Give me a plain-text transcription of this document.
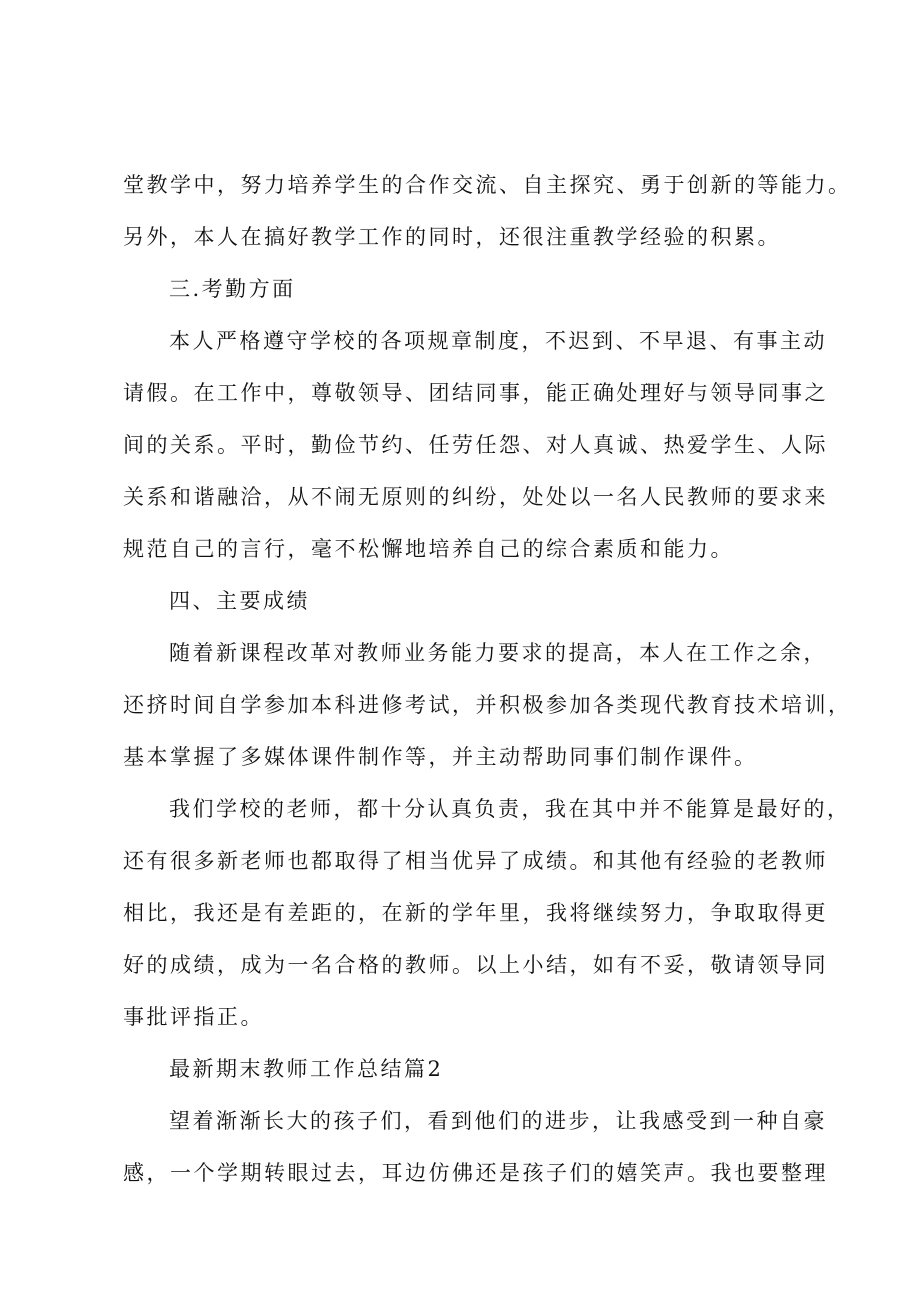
堂教学中，努力培养学生的合作交流、自主探究、勇于创新的等能力。
另外，本人在搞好教学工作的同时，还很注重教学经验的积累。
三.考勤方面
本人严格遵守学校的各项规章制度，不迟到、不早退、有事主动
请假。在工作中，尊敬领导、团结同事，能正确处理好与领导同事之
间的关系。平时，勤俭节约、任劳任怨、对人真诚、热爱学生、人际
关系和谐融洽，从不闹无原则的纠纷，处处以一名人民教师的要求来
规范自己的言行，毫不松懈地培养自己的综合素质和能力。
四、主要成绩
随着新课程改革对教师业务能力要求的提高，本人在工作之余，
还挤时间自学参加本科进修考试，并积极参加各类现代教育技术培训，
基本掌握了多媒体课件制作等，并主动帮助同事们制作课件。
我们学校的老师，都十分认真负责，我在其中并不能算是最好的，
还有很多新老师也都取得了相当优异了成绩。和其他有经验的老教师
相比，我还是有差距的，在新的学年里，我将继续努力，争取取得更
好的成绩，成为一名合格的教师。以上小结，如有不妥，敬请领导同
事批评指正。
最新期末教师工作总结篇2
望着渐渐长大的孩子们，看到他们的进步，让我感受到一种自豪
感，一个学期转眼过去，耳边仿佛还是孩子们的嬉笑声。我也要整理
